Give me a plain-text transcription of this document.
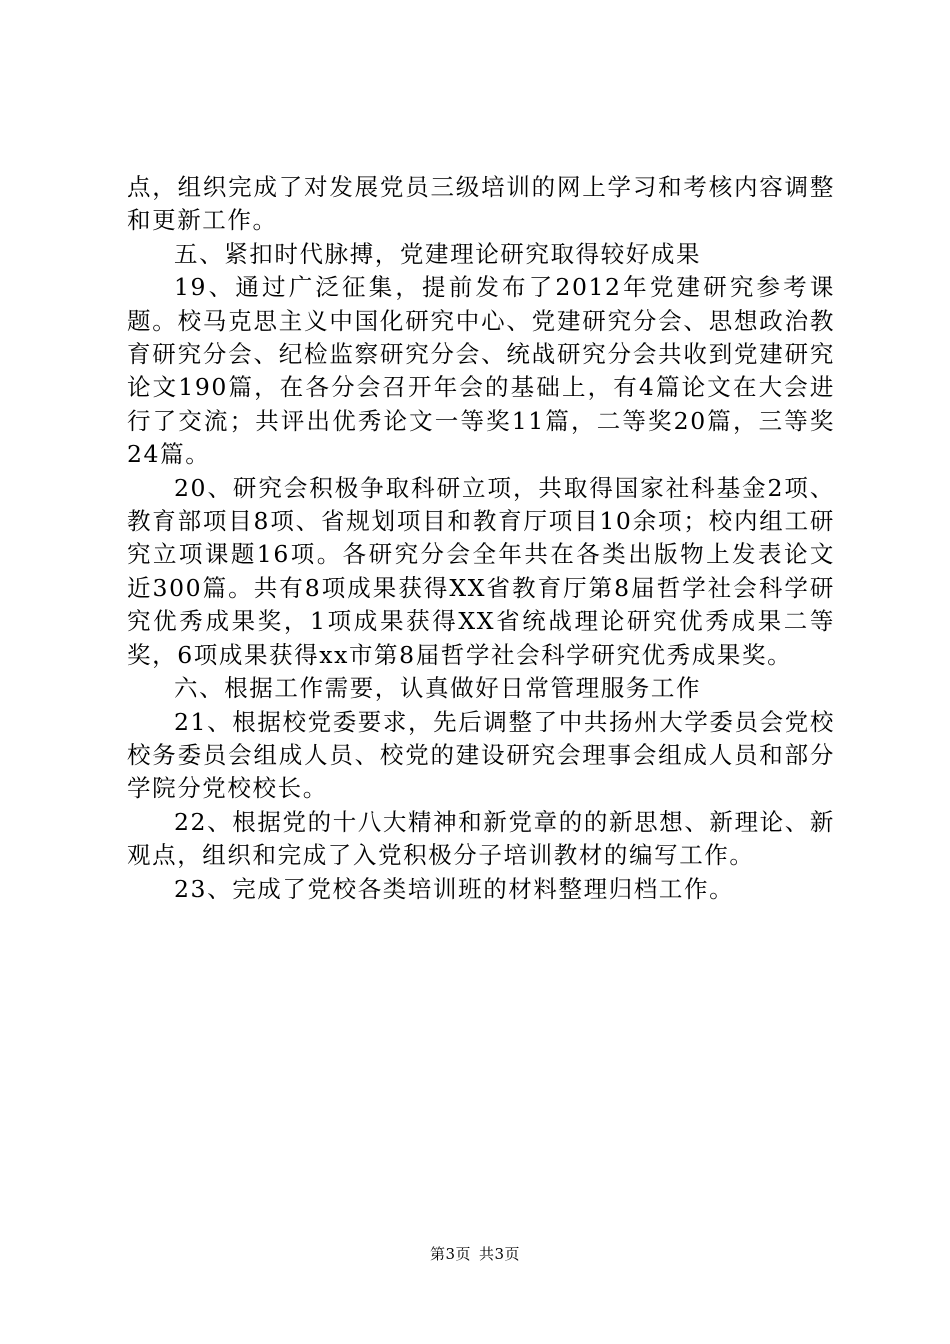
点，组织完成了对发展党员三级培训的网上学习和考核内容调整和更新工作。

五、紧扣时代脉搏，党建理论研究取得较好成果

19、通过广泛征集，提前发布了2012年党建研究参考课题。校马克思主义中国化研究中心、党建研究分会、思想政治教育研究分会、纪检监察研究分会、统战研究分会共收到党建研究论文190篇，在各分会召开年会的基础上，有4篇论文在大会进行了交流；共评出优秀论文一等奖11篇，二等奖20篇，三等奖24篇。

20、研究会积极争取科研立项，共取得国家社科基金2项、教育部项目8项、省规划项目和教育厅项目10余项；校内组工研究立项课题16项。各研究分会全年共在各类出版物上发表论文近300篇。共有8项成果获得XX省教育厅第8届哲学社会科学研究优秀成果奖，1项成果获得XX省统战理论研究优秀成果二等奖，6项成果获得xx市第8届哲学社会科学研究优秀成果奖。

六、根据工作需要，认真做好日常管理服务工作

21、根据校党委要求，先后调整了中共扬州大学委员会党校校务委员会组成人员、校党的建设研究会理事会组成人员和部分学院分党校校长。

22、根据党的十八大精神和新党章的的新思想、新理论、新观点，组织和完成了入党积极分子培训教材的编写工作。

23、完成了党校各类培训班的材料整理归档工作。

第3页 共3页
